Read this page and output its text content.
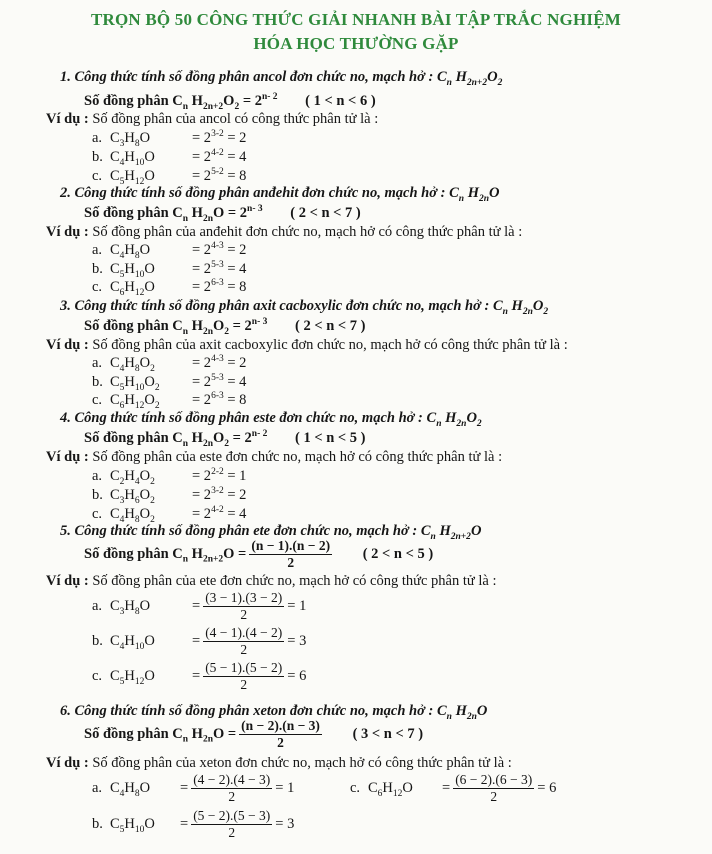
TRỌN BỘ 50 CÔNG THỨC GIẢI NHANH BÀI TẬP TRẮC NGHIỆM
HÓA HỌC THƯỜNG GẶP
1. Công thức tính số đồng phân ancol đơn chức no, mạch hở : $C_n$ $H_{2n+2}O_2$
Số đồng phân $C_n$ $H_{2n+2}O_2 = 2^{n- 2}$ ( 1 < n < 6 )
Ví dụ : Số đồng phân của ancol có công thức phân tử là :
a. $C_3H_8O$	= $2^{3-2} = 2$
b. $C_4H_{10}O$	= $2^{4-2} = 4$
c. $C_5H_{12}O$	= $2^{5-2} = 8$
2. Công thức tính số đồng phân anđehit đơn chức no, mạch hở : $C_n$ $H_{2n}O$
Số đồng phân $C_n$ $H_{2n}O = 2^{n- 3}$ ( 2 < n < 7 )
Ví dụ : Số đồng phân của anđehit đơn chức no, mạch hở có công thức phân tử là :
a. $C_4H_8O$	= $2^{4-3} = 2$
b. $C_5H_{10}O$	= $2^{5-3} = 4$
c. $C_6H_{12}O$	= $2^{6-3} = 8$
3. Công thức tính số đồng phân axit cacboxylic đơn chức no, mạch hở : $C_n$ $H_{2n}O_2$
Số đồng phân $C_n$ $H_{2n}O_2 = 2^{n- 3}$ ( 2 < n < 7 )
Ví dụ : Số đồng phân của axit cacboxylic đơn chức no, mạch hở có công thức phân tử là :
a. $C_4H_8O_2$	= $2^{4-3} = 2$
b. $C_5H_{10}O_2 = 2^{5-3} = 4$
c. $C_6H_{12}O_2 = 2^{6-3} = 8$
4. Công thức tính số đồng phân este đơn chức no, mạch hở : $C_n$ $H_{2n}O_2$
Số đồng phân $C_n$ $H_{2n}O_2 = 2^{n- 2}$ ( 1 < n < 5 )
Ví dụ : Số đồng phân của este đơn chức no, mạch hở có công thức phân tử là :
a. $C_2H_4O_2$	= $2^{2-2} = 1$
b. $C_3H_6O_2$	= $2^{3-2} = 2$
c. $C_4H_8O_2$	= $2^{4-2} = 4$
5. Công thức tính số đồng phân ete đơn chức no, mạch hở : $C_n$ $H_{2n+2}O$
Số đồng phân $C_n$ $H_{2n+2}O = \frac{(n - 1).(n - 2)}{2}$ ( 2 < n < 5 )
Ví dụ : Số đồng phân của ete đơn chức no, mạch hở có công thức phân tử là :
a. $C_3H_8O$	= $\frac{(3 - 1).(3 - 2)}{2} = 1$
b. $C_4H_{10}O$	= $\frac{(4 - 1).(4 - 2)}{2} = 3$
c. $C_5H_{12}O$	= $\frac{(5 - 1).(5 - 2)}{2} = 6$
6. Công thức tính số đồng phân xeton đơn chức no, mạch hở : $C_n$ $H_{2n}O$
Số đồng phân $C_n$ $H_{2n}O = \frac{(n - 2).(n - 3)}{2}$ ( 3 < n < 7 )
Ví dụ : Số đồng phân của xeton đơn chức no, mạch hở có công thức phân tử là :
a. $C_4H_8O = \frac{(4 - 2).(4 - 3)}{2} = 1$	c. $C_6H_{12}O = \frac{(6 - 2).(6 - 3)}{2} = 6$
b. $C_5H_{10}O = \frac{(5 - 2).(5 - 3)}{2} = 3$
